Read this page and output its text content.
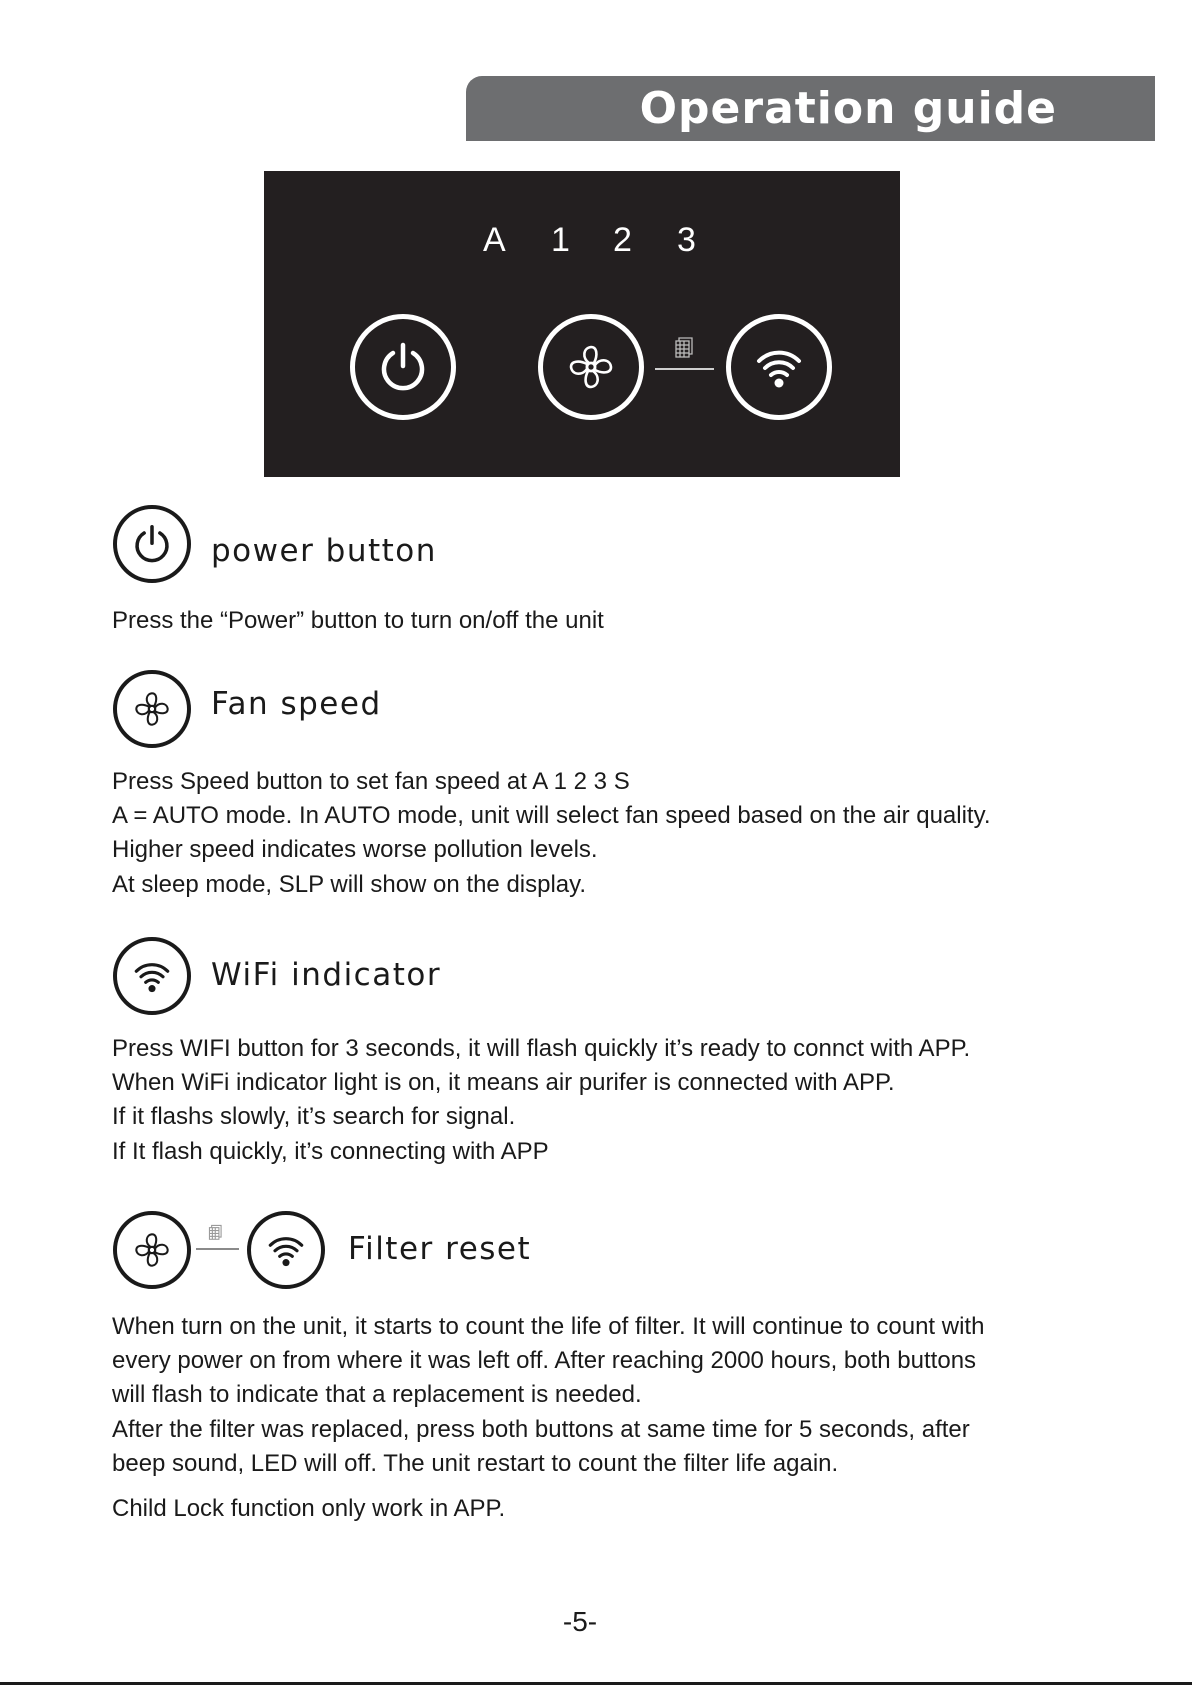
Operation guide
A 1 2 3
power button

Press the “Power” button to turn on/off the unit

Fan speed

Press Speed button to set fan speed at A 1 2 3 S
A = AUTO mode. In AUTO mode, unit will select fan speed based on the air quality.
Higher speed indicates worse pollution levels.
At sleep mode, SLP will show on the display.

WiFi indicator

Press WIFI button for 3 seconds, it will flash quickly it’s ready to connct with APP.
When WiFi indicator light is on, it means air purifer is connected with APP.
If it flashs slowly, it’s search for signal.
If It flash quickly, it’s connecting with APP

Filter reset

When turn on the unit, it starts to count the life of filter. It will continue to count with
every power on from where it was left off. After reaching 2000 hours, both buttons
will flash to indicate that a replacement is needed.
After the filter was replaced, press both buttons at same time for 5 seconds, after
beep sound, LED will off. The unit restart to count the filter life again.

Child Lock function only work in APP.

-5-
